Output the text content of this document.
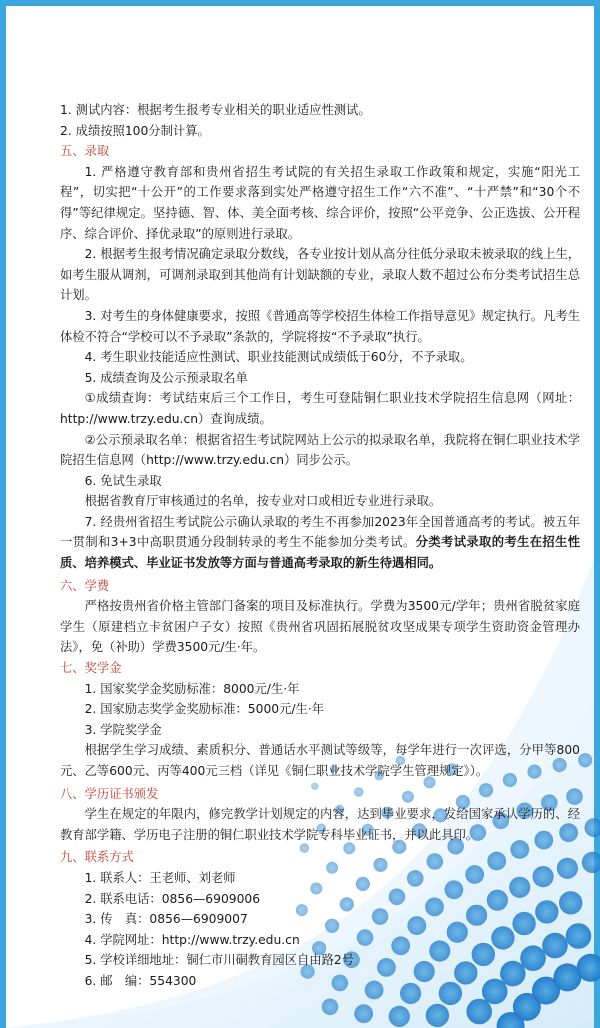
1. 测试内容：根据考生报考专业相关的职业适应性测试。
2. 成绩按照100分制计算。
五、录取
1. 严格遵守教育部和贵州省招生考试院的有关招生录取工作政策和规定，实施“阳光工程”，切实把“十公开”的工作要求落到实处严格遵守招生工作“六不准”、“十严禁”和“30个不得”等纪律规定。坚持德、智、体、美全面考核、综合评价，按照“公平竞争、公正选拔、公开程序、综合评价、择优录取”的原则进行录取。
2. 根据考生报考情况确定录取分数线，各专业按计划从高分往低分录取未被录取的线上生，如考生服从调剂，可调剂录取到其他尚有计划缺额的专业，录取人数不超过公布分类考试招生总计划。
3. 对考生的身体健康要求，按照《普通高等学校招生体检工作指导意见》规定执行。凡考生体检不符合“学校可以不予录取”条款的，学院将按“不予录取”执行。
4. 考生职业技能适应性测试、职业技能测试成绩低于60分，不予录取。
5. 成绩查询及公示预录取名单
①成绩查询：考试结束后三个工作日，考生可登陆铜仁职业技术学院招生信息网（网址：http://www.trzy.edu.cn）查询成绩。
②公示预录取名单：根据省招生考试院网站上公示的拟录取名单，我院将在铜仁职业技术学院招生信息网（http://www.trzy.edu.cn）同步公示。
6. 免试生录取
根据省教育厅审核通过的名单，按专业对口或相近专业进行录取。
7. 经贵州省招生考试院公示确认录取的考生不再参加2023年全国普通高考的考试。被五年一贯制和3+3中高职贯通分段制转录的考生不能参加分类考试。分类考试录取的考生在招生性质、培养模式、毕业证书发放等方面与普通高考录取的新生待遇相同。
六、学费
严格按贵州省价格主管部门备案的项目及标准执行。学费为3500元/学年；贵州省脱贫家庭学生（原建档立卡贫困户子女）按照《贵州省巩固拓展脱贫攻坚成果专项学生资助资金管理办法》，免（补助）学费3500元/生·年。
七、奖学金
1. 国家奖学金奖励标准：8000元/生·年
2. 国家励志奖学金奖励标准：5000元/生·年
3. 学院奖学金
根据学生学习成绩、素质积分、普通话水平测试等级等，每学年进行一次评选，分甲等800元、乙等600元、丙等400元三档（详见《铜仁职业技术学院学生管理规定》）。
八、学历证书颁发
学生在规定的年限内，修完教学计划规定的内容，达到毕业要求，发给国家承认学历的、经教育部学籍、学历电子注册的铜仁职业技术学院专科毕业证书，并以此具印。
九、联系方式
1. 联系人：王老师、刘老师
2. 联系电话：0856—6909006
3. 传　真：0856—6909007
4. 学院网址：http://www.trzy.edu.cn
5. 学校详细地址：铜仁市川硐教育园区自由路2号
6. 邮　编：554300
